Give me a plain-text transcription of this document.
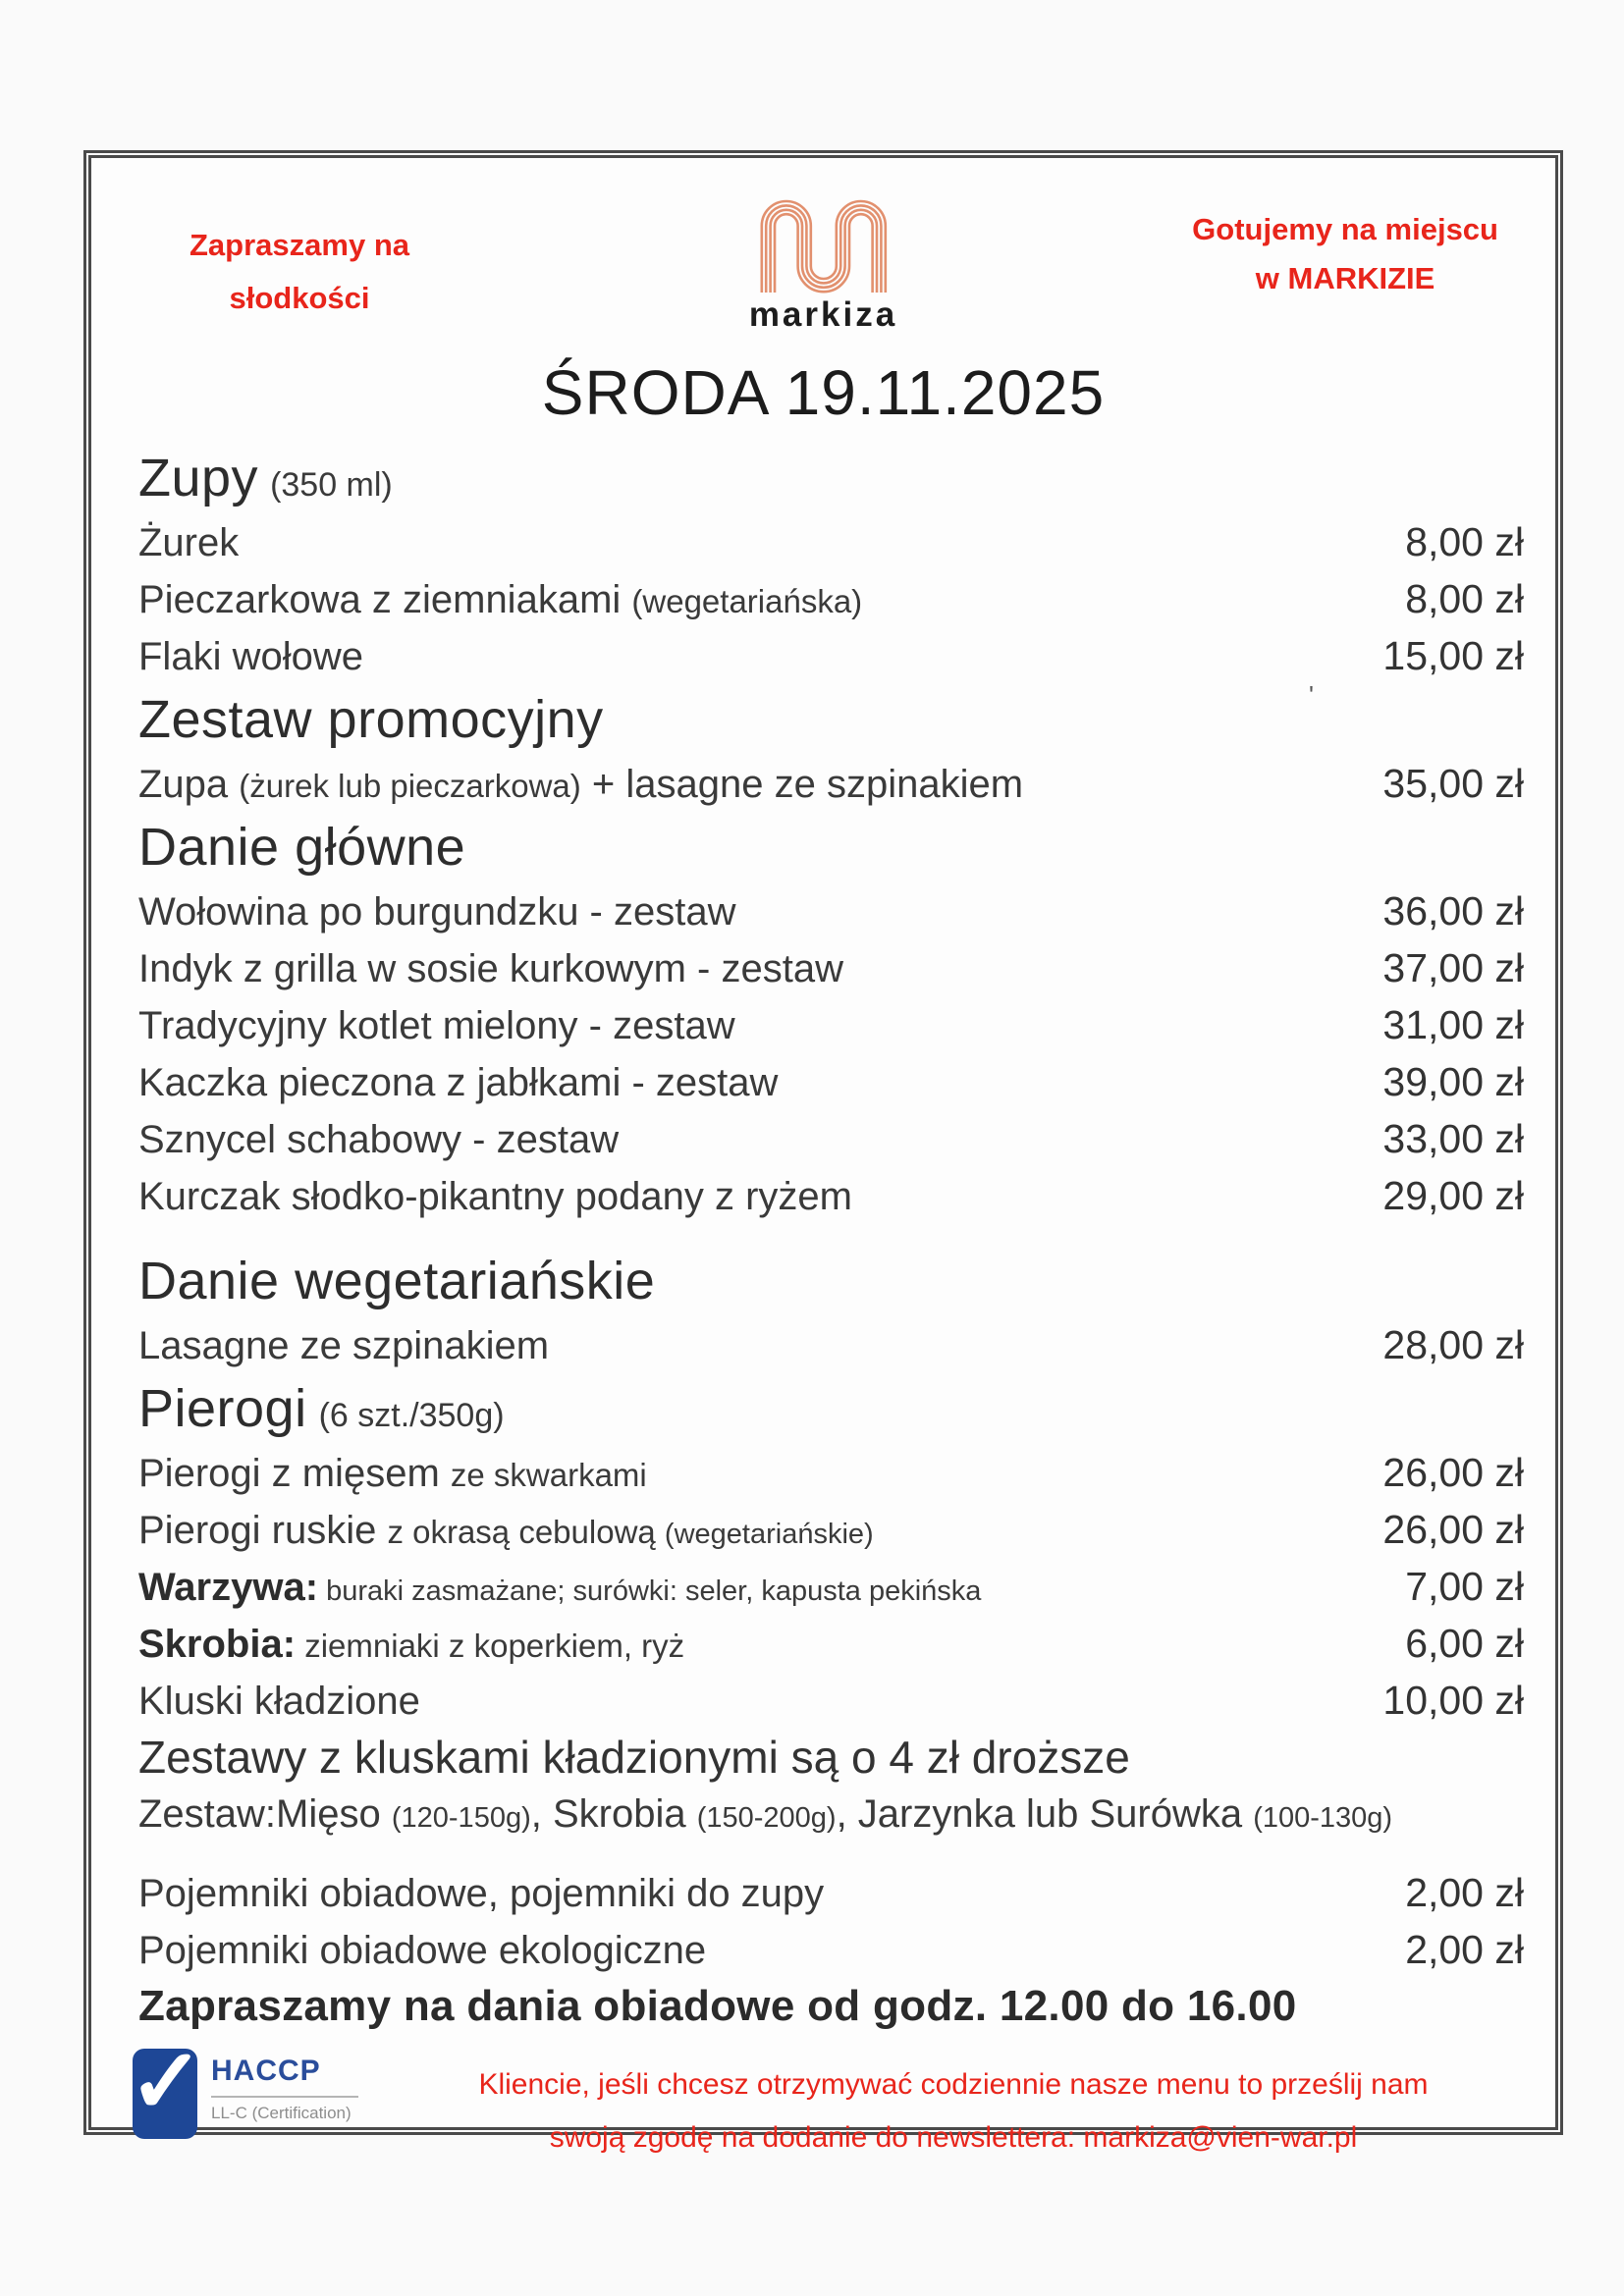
Zapraszamy na
słodkości	markiza
Gotujemy na miejscu
w MARKIZIE
ŚRODA 19.11.2025
Zupy (350 ml)
Żurek	8,00 zł
Pieczarkowa z ziemniakami (wegetariańska)	8,00 zł
Flaki wołowe	15,00 zł
Zestaw promocyjny
Zupa (żurek lub pieczarkowa) + lasagne ze szpinakiem	35,00 zł
Danie główne
Wołowina po burgundzku - zestaw	36,00 zł
Indyk z grilla w sosie kurkowym - zestaw	37,00 zł
Tradycyjny kotlet mielony - zestaw	31,00 zł
Kaczka pieczona z jabłkami - zestaw	39,00 zł
Sznycel schabowy - zestaw	33,00 zł
Kurczak słodko-pikantny podany z ryżem	29,00 zł
Danie wegetariańskie
Lasagne ze szpinakiem	28,00 zł
Pierogi (6 szt./350g)
Pierogi z mięsem ze skwarkami	26,00 zł
Pierogi ruskie z okrasą cebulową (wegetariańskie)	26,00 zł
Warzywa: buraki zasmażane; surówki: seler, kapusta pekińska	7,00 zł
Skrobia: ziemniaki z koperkiem, ryż	6,00 zł
Kluski kładzione	10,00 zł
Zestawy z kluskami kładzionymi są o 4 zł droższe
Zestaw:Mięso (120-150g), Skrobia (150-200g), Jarzynka lub Surówka (100-130g)
Pojemniki obiadowe, pojemniki do zupy	2,00 zł
Pojemniki obiadowe ekologiczne	2,00 zł
Zapraszamy na dania obiadowe od godz. 12.00 do 16.00
'
✓ HACCP
LL-C (Certification)
Kliencie, jeśli chcesz otrzymywać codziennie nasze menu to prześlij nam
swoją zgodę na dodanie do newslettera: markiza@vien-war.pl
